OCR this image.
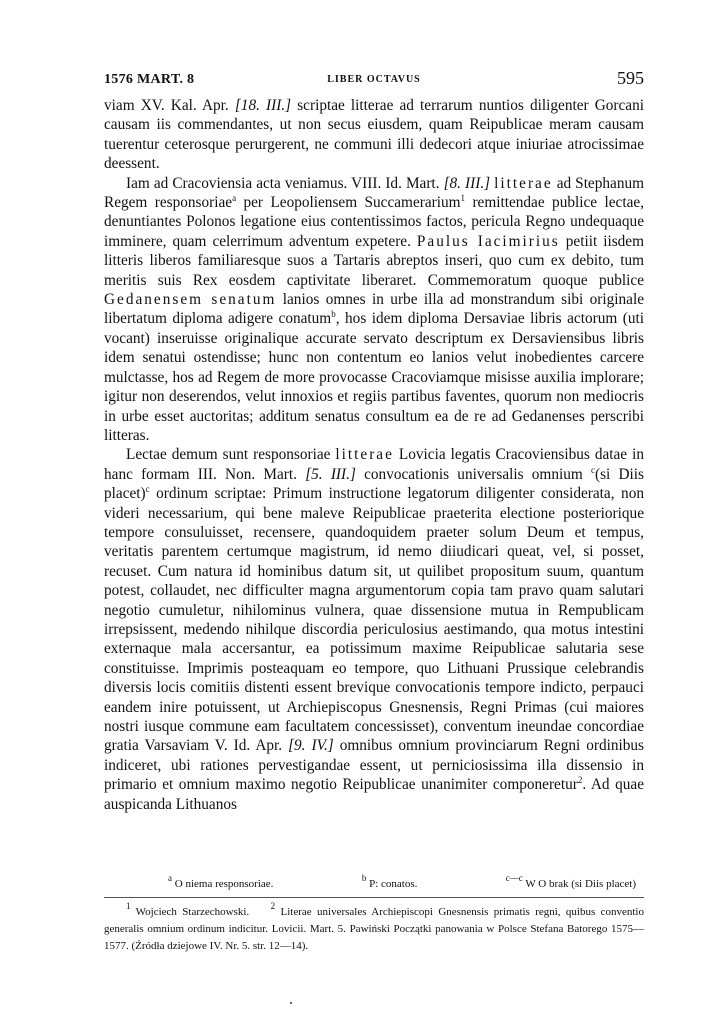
1576 MART. 8	LIBER OCTAVUS	595

viam XV. Kal. Apr. [18. III.] scriptae litterae ad terrarum nuntios diligenter Gorcani causam iis commendantes, ut non secus eiusdem, quam Reipublicae meram causam tuerentur ceterosque perurgerent, ne communi illi dedecori atque iniuriae atrocissimae deessent.

Iam ad Cracoviensia acta veniamus. VIII. Id. Mart. [8. III.] litterae ad Stephanum Regem responsoriae$^a$ per Leopoliensem Succamerarium$^1$ remittendae publice lectae, denuntiantes Polonos legatione eius contentissimos factos, pericula Regno undequaque imminere, quam celerrimum adventum expetere. Paulus Iacimirius petiit iisdem litteris liberos familiaresque suos a Tartaris abreptos inseri, quo cum ex debito, tum meritis suis Rex eosdem captivitate liberaret. Commemoratum quoque publice Gedanensem senatum lanios omnes in urbe illa ad monstrandum sibi originale libertatum diploma adigere conatum$^b$, hos idem diploma Dersaviae libris actorum (uti vocant) inseruisse originalique accurate servato descriptum ex Dersaviensibus libris idem senatui ostendisse; hunc non contentum eo lanios velut inobedientes carcere mulctasse, hos ad Regem de more provocasse Cracoviamque misisse auxilia implorare; igitur non deserendos, velut innoxios et regiis partibus faventes, quorum non mediocris in urbe esset auctoritas; additum senatus consultum ea de re ad Gedanenses perscribi litteras.

Lectae demum sunt responsoriae litterae Lovicia legatis Cracoviensibus datae in hanc formam III. Non. Mart. [5. III.] convocationis universalis omnium $^c$(si Diis placet)$^c$ ordinum scriptae: Primum instructione legatorum diligenter considerata, non videri necessarium, qui bene maleve Reipublicae praeterita electione posteriorique tempore consuluisset, recensere, quandoquidem praeter solum Deum et tempus, veritatis parentem certumque magistrum, id nemo diiudicari queat, vel, si posset, recuset. Cum natura id hominibus datum sit, ut quilibet propositum suum, quantum potest, collaudet, nec difficulter magna argumentorum copia tam pravo quam salutari negotio cumuletur, nihilominus vulnera, quae dissensione mutua in Rempublicam irrepsissent, medendo nihilque discordia periculosius aestimando, qua motus intestini externaque mala accersantur, ea potissimum maxime Reipublicae salutaria sese constituisse. Imprimis posteaquam eo tempore, quo Lithuani Prussique celebrandis diversis locis comitiis distenti essent brevique convocationis tempore indicto, perpauci eandem inire potuissent, ut Archiepiscopus Gnesnensis, Regni Primas (cui maiores nostri iusque commune eam facultatem concessisset), conventum ineundae concordiae gratia Varsaviam V. Id. Apr. [9. IV.] omnibus omnium provinciarum Regni ordinibus indiceret, ubi rationes pervestigandae essent, ut perniciosissima illa dissensio in primario et omnium maximo negotio Reipublicae unanimiter componeretur$^2$. Ad quae auspicanda Lithuanos

$^a$ O niema responsoriae.	$^b$ P: conatos.	$^{c—c}$ W O brak (si Diis placet)
$^1$ Wojciech Starzechowski. $^2$ Literae universales Archiepiscopi Gnesnensis primatis regni, quibus conventio generalis omnium ordinum indicitur. Lovicii. Mart. 5. Pawiński Początki panowania w Polsce Stefana Batorego 1575—1577. (Źródła dziejowe IV. Nr. 5. str. 12—14).
